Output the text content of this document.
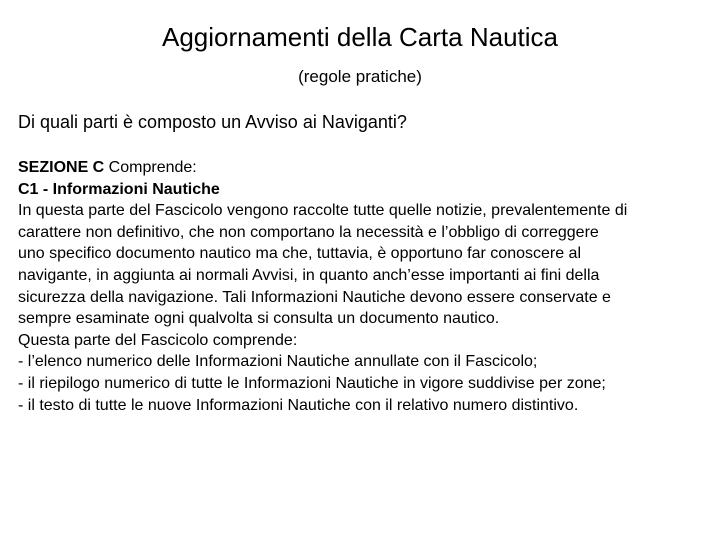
Aggiornamenti della Carta Nautica
(regole pratiche)
Di quali parti è composto un Avviso ai Naviganti?
SEZIONE C Comprende:
C1 - Informazioni Nautiche
In questa parte del Fascicolo vengono raccolte tutte quelle notizie, prevalentemente di
carattere non definitivo, che non comportano la necessità e l’obbligo di correggere
uno specifico documento nautico ma che, tuttavia, è opportuno far conoscere al
navigante, in aggiunta ai normali Avvisi, in quanto anch’esse importanti ai fini della
sicurezza della navigazione. Tali Informazioni Nautiche devono essere conservate e
sempre esaminate ogni qualvolta si consulta un documento nautico.
Questa parte del Fascicolo comprende:
- l’elenco numerico delle Informazioni Nautiche annullate con il Fascicolo;
- il riepilogo numerico di tutte le Informazioni Nautiche in vigore suddivise per zone;
- il testo di tutte le nuove Informazioni Nautiche con il relativo numero distintivo.
